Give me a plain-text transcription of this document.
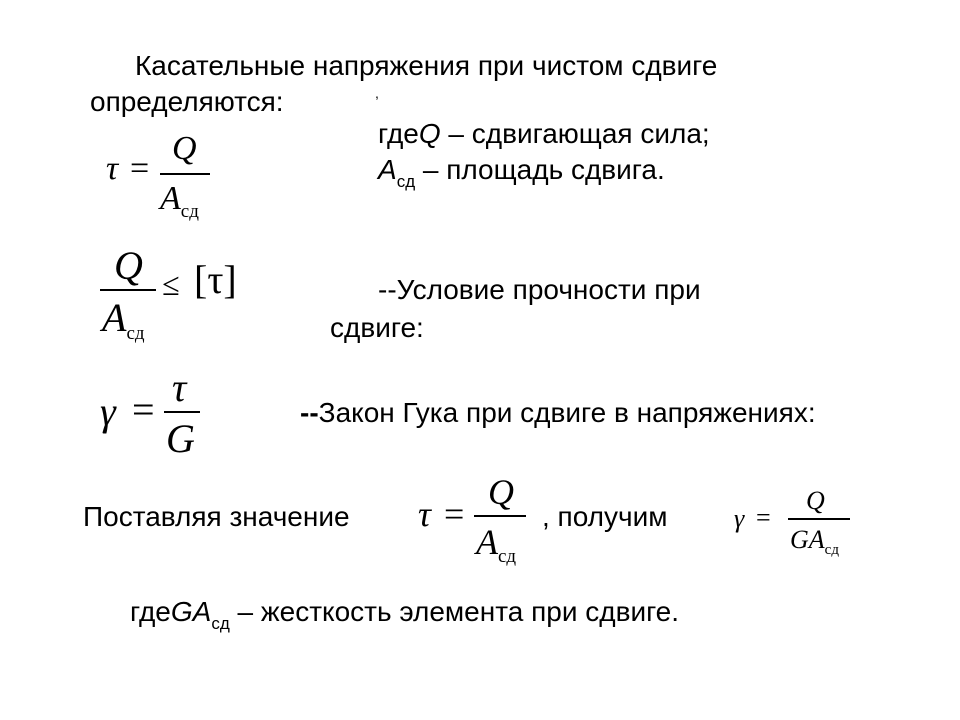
Касательные напряжения при чистом сдвиге
определяются:	,
гдеQ – сдвигающая сила;
$A_{сд}$ – площадь сдвига.
τ =
Q
$A_{сд}$
Q
$A_{сд}$
≤ [τ]	--Условие прочности при
сдвиге:
γ = τ
G
--Закон Гука при сдвиге в напряжениях:
Поставляя значение τ =
Q
$A_{сд}$
, получим	γ =
Q
$GA_{сд}$
гдеGA$_{сд}$ – жесткость элемента при сдвиге.
